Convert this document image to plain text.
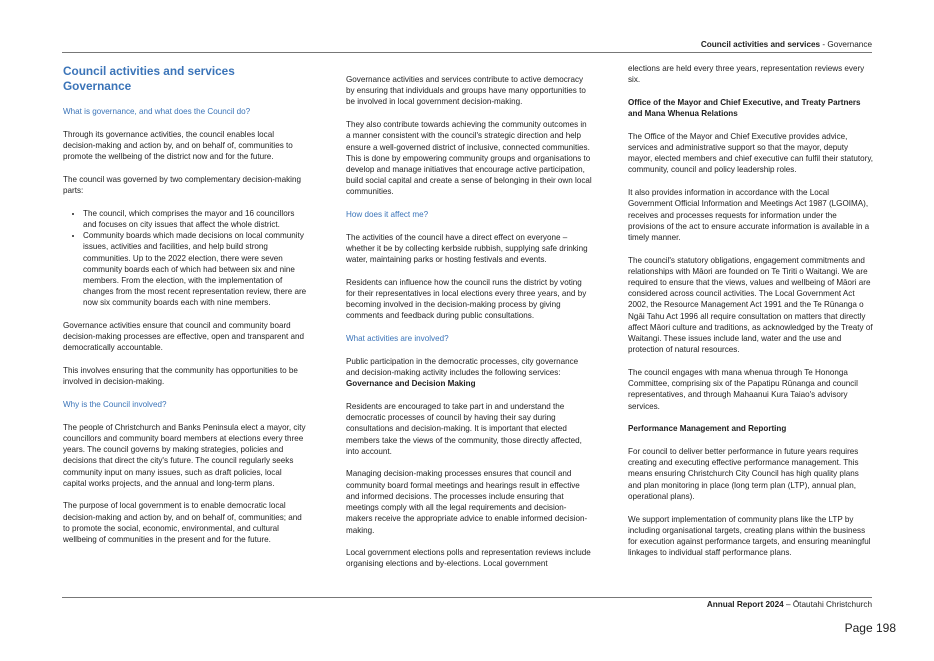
Council activities and services - Governance
Council activities and services
Governance

What is governance, and what does the Council do?

Through its governance activities, the council enables local decision-making and action by, and on behalf of, communities to promote the wellbeing of the district now and for the future.

The council was governed by two complementary decision-making parts:

• The council, which comprises the mayor and 16 councillors and focuses on city issues that affect the whole district.
• Community boards which made decisions on local community issues, activities and facilities, and help build strong communities. Up to the 2022 election, there were seven community boards each of which had between six and nine members. From the election, with the implementation of changes from the most recent representation review, there are now six community boards each with nine members.

Governance activities ensure that council and community board decision-making processes are effective, open and transparent and democratically accountable.

This involves ensuring that the community has opportunities to be involved in decision-making.

Why is the Council involved?

The people of Christchurch and Banks Peninsula elect a mayor, city councillors and community board members at elections every three years. The council governs by making strategies, policies and decisions that direct the city's future. The council regularly seeks community input on many issues, such as draft policies, local capital works projects, and the annual and long-term plans.

The purpose of local government is to enable democratic local decision-making and action by, and on behalf of, communities; and to promote the social, economic, environmental, and cultural wellbeing of communities in the present and for the future.

Governance activities and services contribute to active democracy by ensuring that individuals and groups have many opportunities to be involved in local government decision-making.

They also contribute towards achieving the community outcomes in a manner consistent with the council's strategic direction and help ensure a well-governed district of inclusive, connected communities. This is done by empowering community groups and organisations to develop and manage initiatives that encourage active participation, build social capital and create a sense of belonging in their own local communities.

How does it affect me?

The activities of the council have a direct effect on everyone – whether it be by collecting kerbside rubbish, supplying safe drinking water, maintaining parks or hosting festivals and events.

Residents can influence how the council runs the district by voting for their representatives in local elections every three years, and by becoming involved in the decision-making process by giving comments and feedback during public consultations.

What activities are involved?

Public participation in the democratic processes, city governance and decision-making activity includes the following services:
Governance and Decision Making

Residents are encouraged to take part in and understand the democratic processes of council by having their say during consultations and decision-making. It is important that elected members take the views of the community, those directly affected, into account.

Managing decision-making processes ensures that council and community board formal meetings and hearings result in effective and informed decisions. The processes include ensuring that meetings comply with all the legal requirements and decision-makers receive the appropriate advice to enable informed decision-making.

Local government elections polls and representation reviews include organising elections and by-elections. Local government

elections are held every three years, representation reviews every six.

Office of the Mayor and Chief Executive, and Treaty Partners and Mana Whenua Relations

The Office of the Mayor and Chief Executive provides advice, services and administrative support so that the mayor, deputy mayor, elected members and chief executive can fulfil their statutory, community, council and policy leadership roles.

It also provides information in accordance with the Local Government Official Information and Meetings Act 1987 (LGOIMA), receives and processes requests for information under the provisions of the act to ensure accurate information is available in a timely manner.

The council's statutory obligations, engagement commitments and relationships with Māori are founded on Te Tiriti o Waitangi. We are required to ensure that the views, values and wellbeing of Māori are considered across council activities. The Local Government Act 2002, the Resource Management Act 1991 and the Te Rūnanga o Ngāi Tahu Act 1996 all require consultation on matters that directly affect Māori culture and traditions, as acknowledged by the Treaty of Waitangi. These issues include land, water and the use and protection of natural resources.

The council engages with mana whenua through Te Hononga Committee, comprising six of the Papatipu Rūnanga and council representatives, and through Mahaanui Kura Taiao's advisory services.

Performance Management and Reporting

For council to deliver better performance in future years requires creating and executing effective performance management. This means ensuring Christchurch City Council has high quality plans and plan monitoring in place (long term plan (LTP), annual plan, operational plans).

We support implementation of community plans like the LTP by including organisational targets, creating plans within the business for execution against performance targets, and ensuring meaningful linkages to individual staff performance plans.

Annual Report 2024 – Ōtautahi Christchurch
Page 198
